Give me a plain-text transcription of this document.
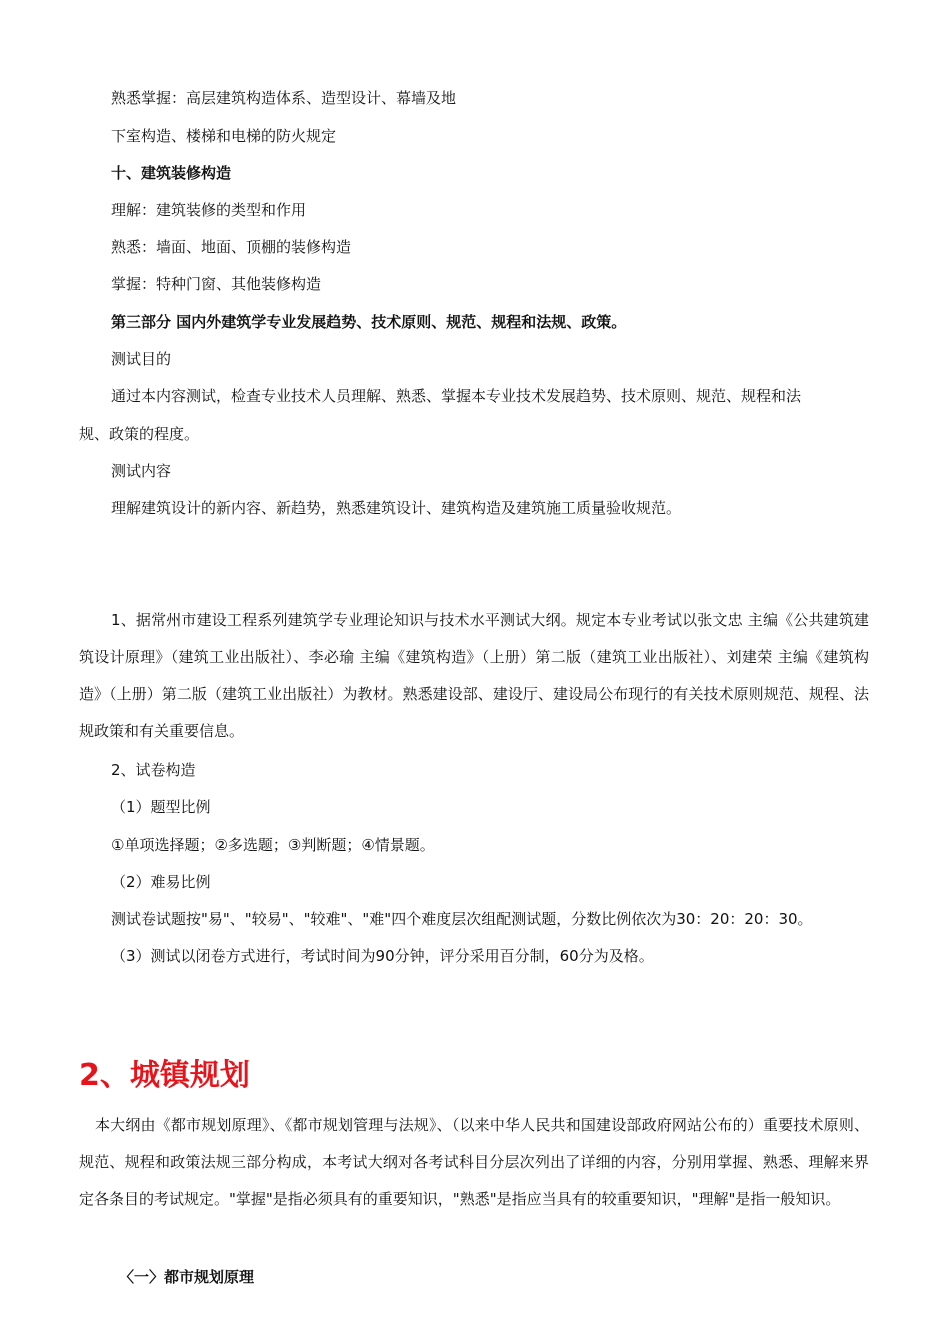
熟悉掌握：高层建筑构造体系、造型设计、幕墙及地
下室构造、楼梯和电梯的防火规定
十、建筑装修构造
理解：建筑装修的类型和作用
熟悉：墙面、地面、顶棚的装修构造
掌握：特种门窗、其他装修构造
第三部分 国内外建筑学专业发展趋势、技术原则、规范、规程和法规、政策。
测试目的
通过本内容测试，检查专业技术人员理解、熟悉、掌握本专业技术发展趋势、技术原则、规范、规程和法
规、政策的程度。
测试内容
理解建筑设计的新内容、新趋势，熟悉建筑设计、建筑构造及建筑施工质量验收规范。
1、据常州市建设工程系列建筑学专业理论知识与技术水平测试大纲。规定本专业考试以张文忠 主编《公共建筑建筑设计原理》（建筑工业出版社）、李必瑜 主编《建筑构造》（上册）第二版（建筑工业出版社）、刘建荣 主编《建筑构造》（上册）第二版（建筑工业出版社）为教材。熟悉建设部、建设厅、建设局公布现行的有关技术原则规范、规程、法规政策和有关重要信息。
2、试卷构造
（1）题型比例
①单项选择题；②多选题；③判断题；④情景题。
（2）难易比例
测试卷试题按"易"、"较易"、"较难"、"难"四个难度层次组配测试题，分数比例依次为30：20：20：30。
（3）测试以闭卷方式进行，考试时间为90分钟，评分采用百分制，60分为及格。
2、城镇规划
本大纲由《都市规划原理》、《都市规划管理与法规》、（以来中华人民共和国建设部政府网站公布的）重要技术原则、规范、规程和政策法规三部分构成，本考试大纲对各考试科目分层次列出了详细的内容，分别用掌握、熟悉、理解来界定各条目的考试规定。"掌握"是指必须具有的重要知识，"熟悉"是指应当具有的较重要知识，"理解"是指一般知识。
〈一〉都市规划原理
